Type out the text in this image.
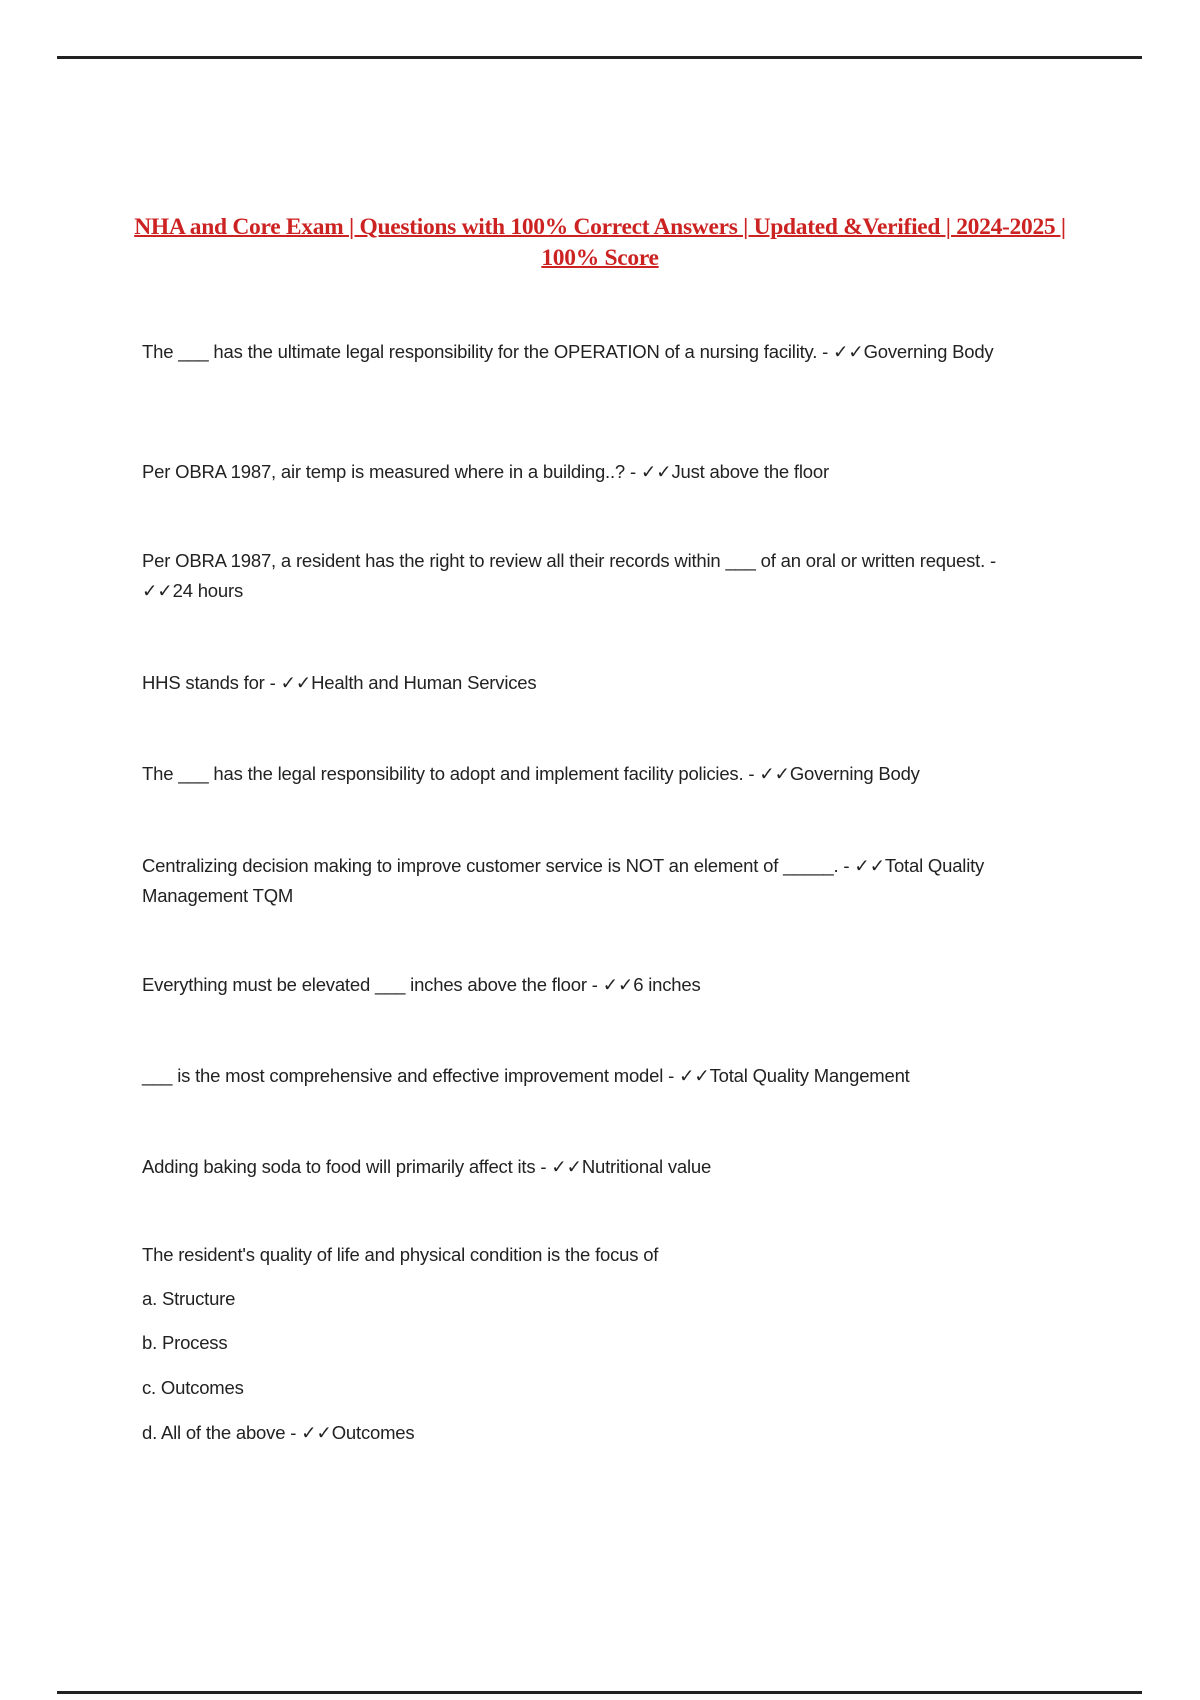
NHA and Core Exam | Questions with 100% Correct Answers | Updated &Verified | 2024-2025 | 100% Score
The ___ has the ultimate legal responsibility for the OPERATION of a nursing facility. - ✓✓Governing Body
Per OBRA 1987, air temp is measured where in a building..? - ✓✓Just above the floor
Per OBRA 1987, a resident has the right to review all their records within ___ of an oral or written request. - ✓✓24 hours
HHS stands for - ✓✓Health and Human Services
The ___ has the legal responsibility to adopt and implement facility policies. - ✓✓Governing Body
Centralizing decision making to improve customer service is NOT an element of _____. - ✓✓Total Quality Management TQM
Everything must be elevated ___ inches above the floor - ✓✓6 inches
___ is the most comprehensive and effective improvement model - ✓✓Total Quality Mangement
Adding baking soda to food will primarily affect its - ✓✓Nutritional value
The resident's quality of life and physical condition is the focus of
a. Structure
b. Process
c. Outcomes
d. All of the above - ✓✓Outcomes
